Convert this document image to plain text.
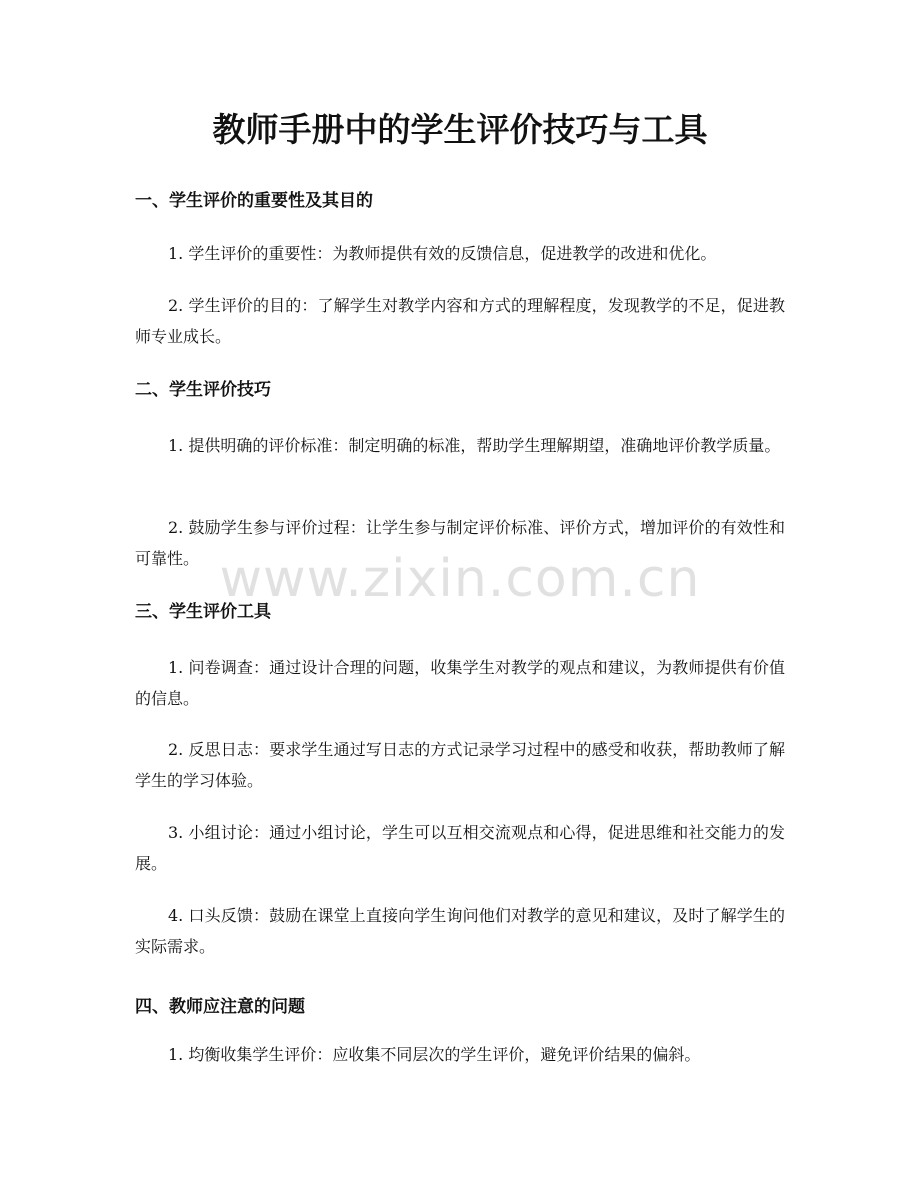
教师手册中的学生评价技巧与工具
一、学生评价的重要性及其目的

1. 学生评价的重要性：为教师提供有效的反馈信息，促进教学的改进和优化。

2. 学生评价的目的：了解学生对教学内容和方式的理解程度，发现教学的不足，促进教师专业成长。

二、学生评价技巧

1. 提供明确的评价标准：制定明确的标准，帮助学生理解期望，准确地评价教学质量。

2. 鼓励学生参与评价过程：让学生参与制定评价标准、评价方式，增加评价的有效性和可靠性。

三、学生评价工具

1. 问卷调查：通过设计合理的问题，收集学生对教学的观点和建议，为教师提供有价值的信息。

2. 反思日志：要求学生通过写日志的方式记录学习过程中的感受和收获，帮助教师了解学生的学习体验。

3. 小组讨论：通过小组讨论，学生可以互相交流观点和心得，促进思维和社交能力的发展。

4. 口头反馈：鼓励在课堂上直接向学生询问他们对教学的意见和建议，及时了解学生的实际需求。

四、教师应注意的问题

1. 均衡收集学生评价：应收集不同层次的学生评价，避免评价结果的偏斜。

www.zixin.com.cn
